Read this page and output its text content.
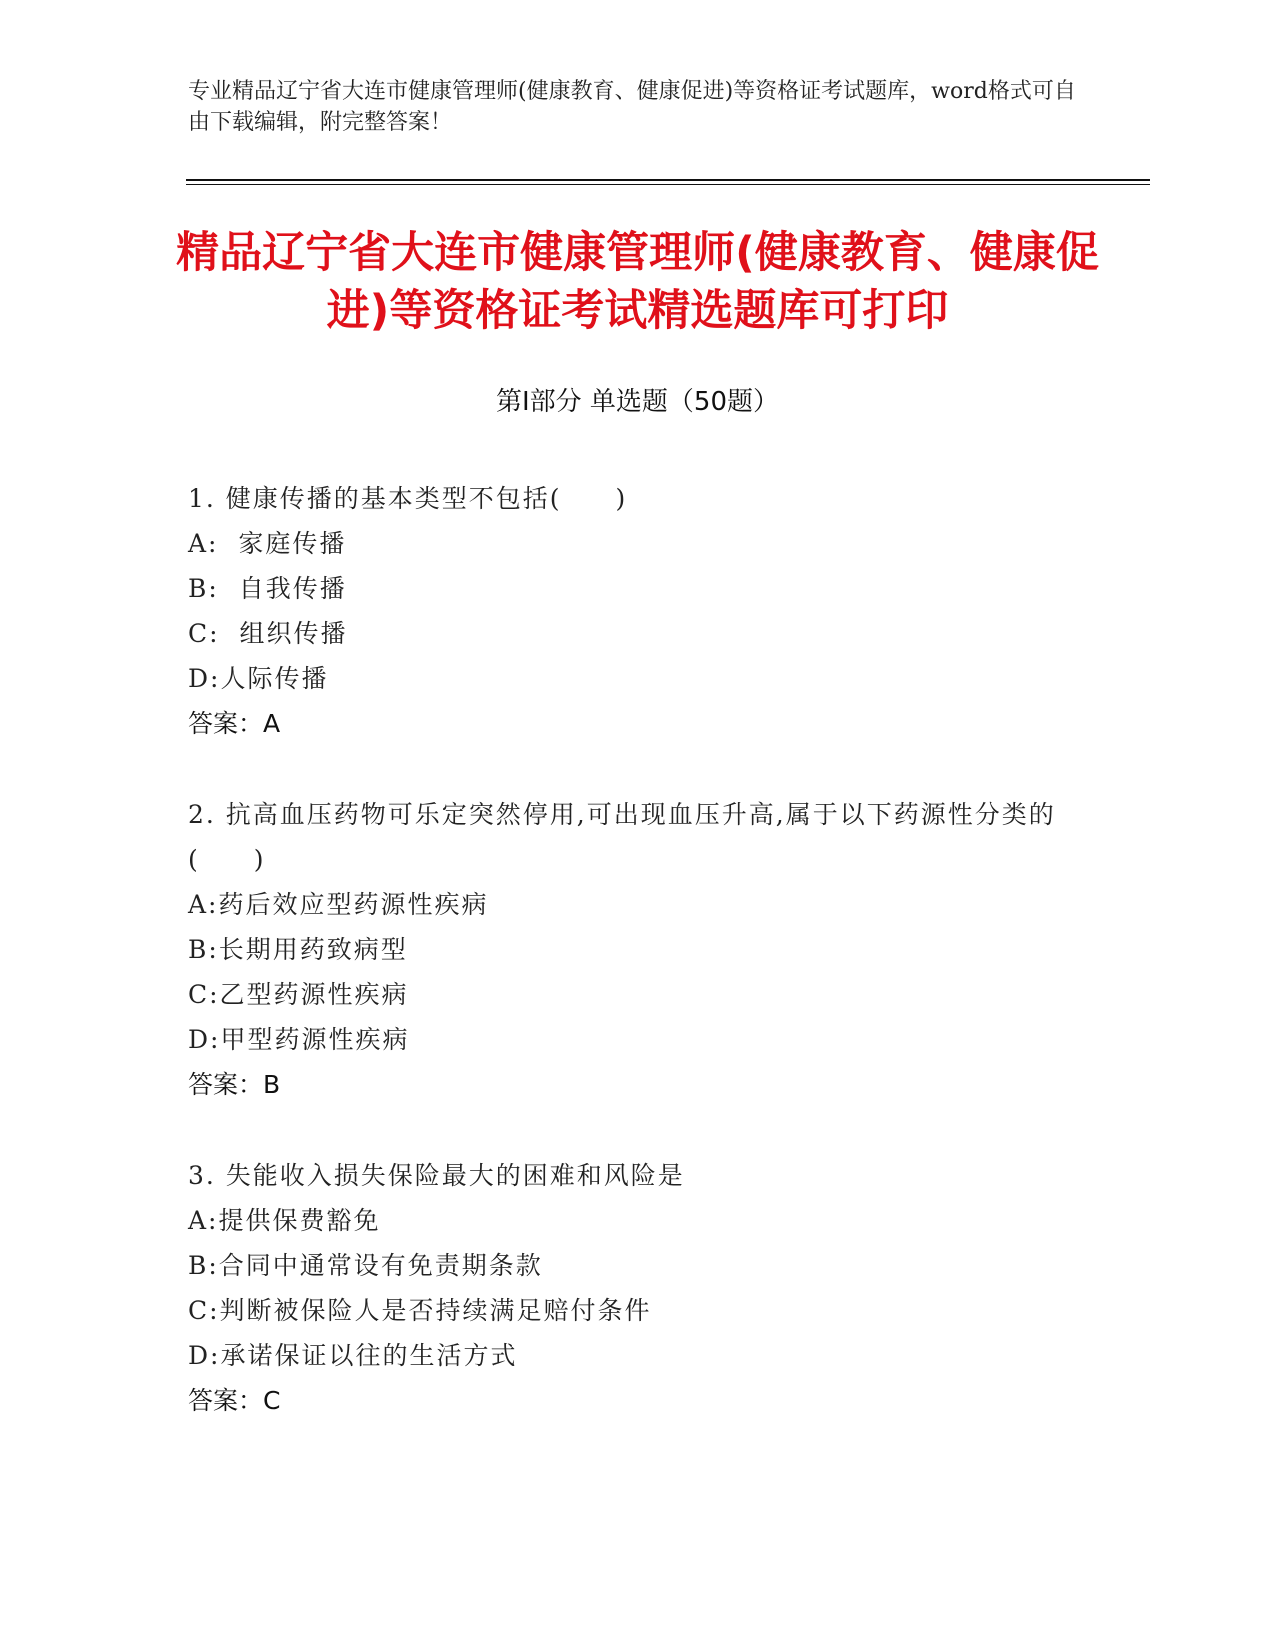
专业精品辽宁省大连市健康管理师(健康教育、健康促进)等资格证考试题库，word格式可自由下载编辑，附完整答案！
精品辽宁省大连市健康管理师(健康教育、健康促进)等资格证考试精选题库可打印
第Ⅰ部分 单选题（50题）
1. 健康传播的基本类型不包括(　　)
A:  家庭传播
B:  自我传播
C:  组织传播
D:人际传播
答案：A
2. 抗高血压药物可乐定突然停用,可出现血压升高,属于以下药源性分类的(　　)
A:药后效应型药源性疾病
B:长期用药致病型
C:乙型药源性疾病
D:甲型药源性疾病
答案：B
3. 失能收入损失保险最大的困难和风险是
A:提供保费豁免
B:合同中通常设有免责期条款
C:判断被保险人是否持续满足赔付条件
D:承诺保证以往的生活方式
答案：C
